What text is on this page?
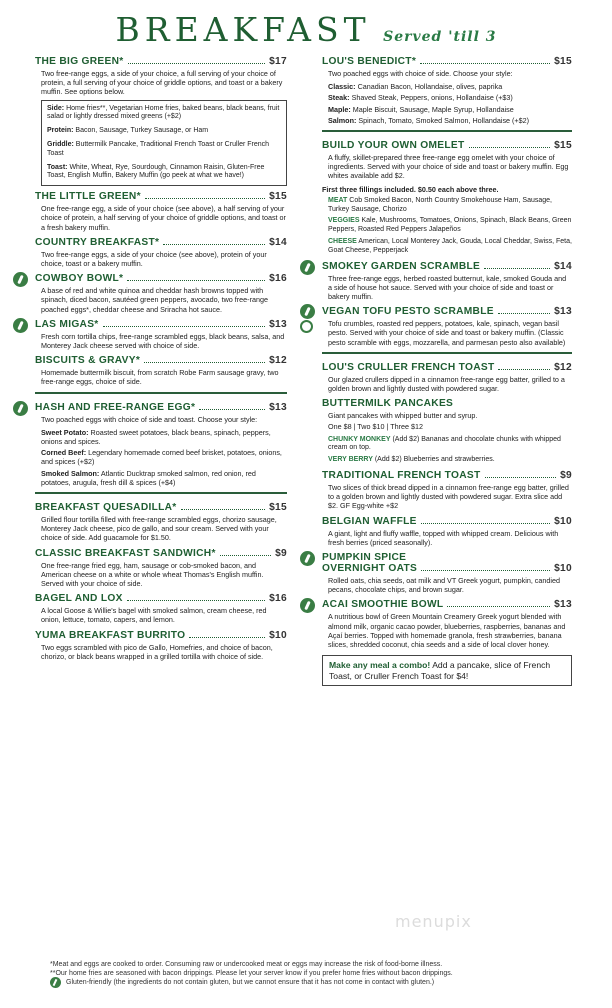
BREAKFAST Served 'till 3
THE BIG GREEN*	$17
Two free-range eggs, a side of your choice, a full serving of your choice of protein, a full serving of your choice of griddle options, and toast or a bakery muffin. See options below.

Side: Home fries**, Vegetarian Home fries, baked beans, black beans, fruit salad or lightly dressed mixed greens (+$2)

Protein: Bacon, Sausage, Turkey Sausage, or Ham

Griddle: Buttermilk Pancake, Traditional French Toast or Cruller French Toast

Toast: White, Wheat, Rye, Sourdough, Cinnamon Raisin, Gluten-Free Toast, English Muffin, Bakery Muffin (go peek at what we have!)

THE LITTLE GREEN*	$15
One free-range egg, a side of your choice (see above), a half serving of your choice of protein, a half serving of your choice of griddle options, and toast or a fresh bakery muffin.
COUNTRY BREAKFAST*	$14
Two free-range eggs, a side of your choice (see above), protein of your choice, toast or a bakery muffin.
COWBOY BOWL*	$16
A base of red and white quinoa and cheddar hash browns topped with spinach, diced bacon, sautéed green peppers, avocado, two free-range poached eggs*, cheddar cheese and Sriracha hot sauce.
LAS MIGAS*	$13
Fresh corn tortilla chips, free-range scrambled eggs, black beans, salsa, and Monterey Jack cheese served with choice of side.
BISCUITS & GRAVY*	$12
Homemade buttermilk biscuit, from scratch Robe Farm sausage gravy, two free-range eggs, choice of side.
HASH AND FREE-RANGE EGG*	$13
Two poached eggs with choice of side and toast. Choose your style:
Sweet Potato: Roasted sweet potatoes, black beans, spinach, peppers, onions and spices.
Corned Beef: Legendary homemade corned beef brisket, potatoes, onions, and spices (+$2)
Smoked Salmon: Atlantic Ducktrap smoked salmon, red onion, red potatoes, arugula, fresh dill & spices (+$4)
BREAKFAST QUESADILLA*	$15
Grilled flour tortilla filled with free-range scrambled eggs, chorizo sausage, Monterey Jack cheese, pico de gallo, and sour cream. Served with your choice of side. Add guacamole for $1.50.
CLASSIC BREAKFAST SANDWICH*	$9
One free-range fried egg, ham, sausage or cob-smoked bacon, and American cheese on a white or whole wheat Thomas's English muffin. Served with your choice of side.
BAGEL AND LOX	$16
A local Goose & Willie's bagel with smoked salmon, cream cheese, red onion, lettuce, tomato, capers, and lemon.
YUMA BREAKFAST BURRITO	$10
Two eggs scrambled with pico de Gallo, Homefries, and choice of bacon, chorizo, or black beans wrapped in a grilled tortilla with choice of side.
LOU'S BENEDICT*	$15
Two poached eggs with choice of side. Choose your style:
Classic: Canadian Bacon, Hollandaise, olives, paprika
Steak: Shaved Steak, Peppers, onions, Hollandaise (+$3)
Maple: Maple Biscuit, Sausage, Maple Syrup, Hollandaise
Salmon: Spinach, Tomato, Smoked Salmon, Hollandaise (+$2)
BUILD YOUR OWN OMELET	$15
A fluffy, skillet-prepared three free-range egg omelet with your choice of ingredients. Served with your choice of side and toast or bakery muffin. Egg whites available add $2.
First three fillings included. $0.50 each above three.
MEAT Cob Smoked Bacon, North Country Smokehouse Ham, Sausage, Turkey Sausage, Chorizo
VEGGIES Kale, Mushrooms, Tomatoes, Onions, Spinach, Black Beans, Green Peppers, Roasted Red Peppers Jalapeños
CHEESE American, Local Monterey Jack, Gouda, Local Cheddar, Swiss, Feta, Goat Cheese, Pepperjack
SMOKEY GARDEN SCRAMBLE	$14
Three free-range eggs, herbed roasted butternut, kale, smoked Gouda and a side of house hot sauce. Served with your choice of side and toast or bakery muffin.
VEGAN TOFU PESTO SCRAMBLE	$13
Tofu crumbles, roasted red peppers, potatoes, kale, spinach, vegan basil pesto. Served with your choice of side and toast or bakery muffin. (Classic pesto scramble with eggs, mozzarella, and parmesan pesto also available)
LOU'S CRULLER FRENCH TOAST	$12
Our glazed crullers dipped in a cinnamon free-range egg batter, grilled to a golden brown and lightly dusted with powdered sugar.
BUTTERMILK PANCAKES
Giant pancakes with whipped butter and syrup.
One $8 | Two $10 | Three $12
CHUNKY MONKEY (Add $2) Bananas and chocolate chunks with whipped cream on top.
VERY BERRY (Add $2) Blueberries and strawberries.
TRADITIONAL FRENCH TOAST	$9
Two slices of thick bread dipped in a cinnamon free-range egg batter, grilled to a golden brown and lightly dusted with powdered sugar. Extra slice add $2. GF Egg-white +$2
BELGIAN WAFFLE	$10
A giant, light and fluffy waffle, topped with whipped cream. Delicious with fresh berries (priced seasonally).
PUMPKIN SPICE
OVERNIGHT OATS	$10
Rolled oats, chia seeds, oat milk and VT Greek yogurt, pumpkin, candied pecans, chocolate chips, and brown sugar.
ACAI SMOOTHIE BOWL	$13
A nutritious bowl of Green Mountain Creamery Greek yogurt blended with almond milk, organic cacao powder, blueberries, raspberries, bananas and Açaí berries. Topped with homemade granola, fresh strawberries, banana slices, shredded coconut, chia seeds and a side of local clover honey.
Make any meal a combo! Add a pancake, slice of French Toast, or Cruller French Toast for $4!
menupix
*Meat and eggs are cooked to order. Consuming raw or undercooked meat or eggs may increase the risk of food-borne illness.
**Our home fries are seasoned with bacon drippings. Please let your server know if you prefer home fries without bacon drippings.
Gluten-friendly (the ingredients do not contain gluten, but we cannot ensure that it has not come in contact with gluten.)
